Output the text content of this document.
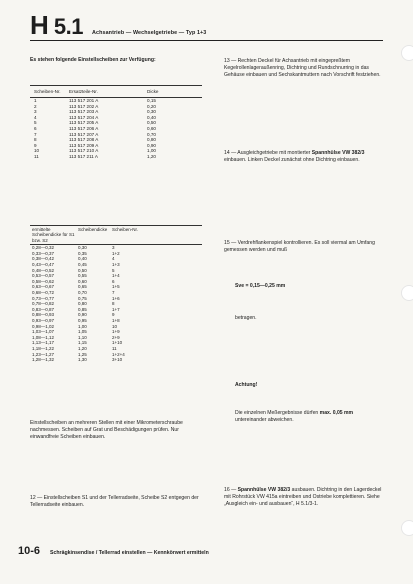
H 5.1 Achsantrieb — Wechselgetriebe — Typ 1+3
Es stehen folgende Einstellscheiben zur Verfügung:
Scheiben-Nr.	Ersatzteile-Nr.	Dicke
1	113 517 201 A	0,15
2	113 517 202 A	0,20
3	113 517 203 A	0,30
4	113 517 204 A	0,40
5	113 517 205 A	0,50
6	113 517 206 A	0,60
7	113 517 207 A	0,70
8	113 517 208 A	0,80
9	113 517 209 A	0,90
10	113 517 210 A	1,00
11	113 517 211 A	1,20
ermittelte Scheibendicke für S1 bzw. S2
Scheibendicke	Scheiben-Nr.
0,28—0,32	0,30	3
0,33—0,37	0,35	1+2
0,38—0,42	0,40	4
0,43—0,47	0,45	1+3
0,48—0,52	0,50	5
0,53—0,57	0,55	1+4
0,58—0,62	0,60	6
0,63—0,67	0,65	1+5
0,68—0,72	0,70	7
0,73—0,77	0,75	1+6
0,78—0,82	0,80	8
0,83—0,87	0,85	1+7
0,88—0,93	0,90	9
0,93—0,97	0,95	1+8
0,98—1,02	1,00	10
1,03—1,07	1,05	1+9
1,08—1,12	1,10	2+9
1,13—1,17	1,15	1+10
1,18—1,22	1,20	11
1,23—1,27	1,25	1+2+4
1,28—1,32	1,30	3+10
Einstellscheiben an mehreren Stellen mit einer Mikrometerschraube nachmessen. Scheiben auf Grat und Beschädigungen prüfen. Nur einwandfreie Scheiben einbauen.
12 — Einstellscheiben S1 und der Tellerradseite, Scheibe S2 entgegen der Tellerradseite einbauen.
13 — Rechten Deckel für Achsantrieb mit eingepreßtem Kegelrollenlageraußenring, Dichtring und Rundschnurring in das Gehäuse einbauen und Sechskantmuttern nach Vorschrift festziehen.
14 — Ausgleichgetriebe mit montierter Spannhülse VW 382/3 einbauen. Linken Deckel zunächst ohne Dichtring einbauen.
15 — Verdrehflankenspiel kontrollieren. Es soll viermal am Umfang gemessen werden und muß
Sve = 0,15—0,25 mm
betragen.
Achtung!
Die einzelnen Meßergebnisse dürfen max. 0,05 mm untereinander abweichen.
16 — Spannhülse VW 382/3 ausbauen. Dichtring in den Lagerdeckel mit Rohrstück VW 415a eintreiben und Ostriebe komplettieren. Siehe „Ausgleich ein- und ausbauen“, H 5.1/3-1.
10-6 Schrägkinsendise / Tellerrad einstellen — Kennkörwert ermitteln
